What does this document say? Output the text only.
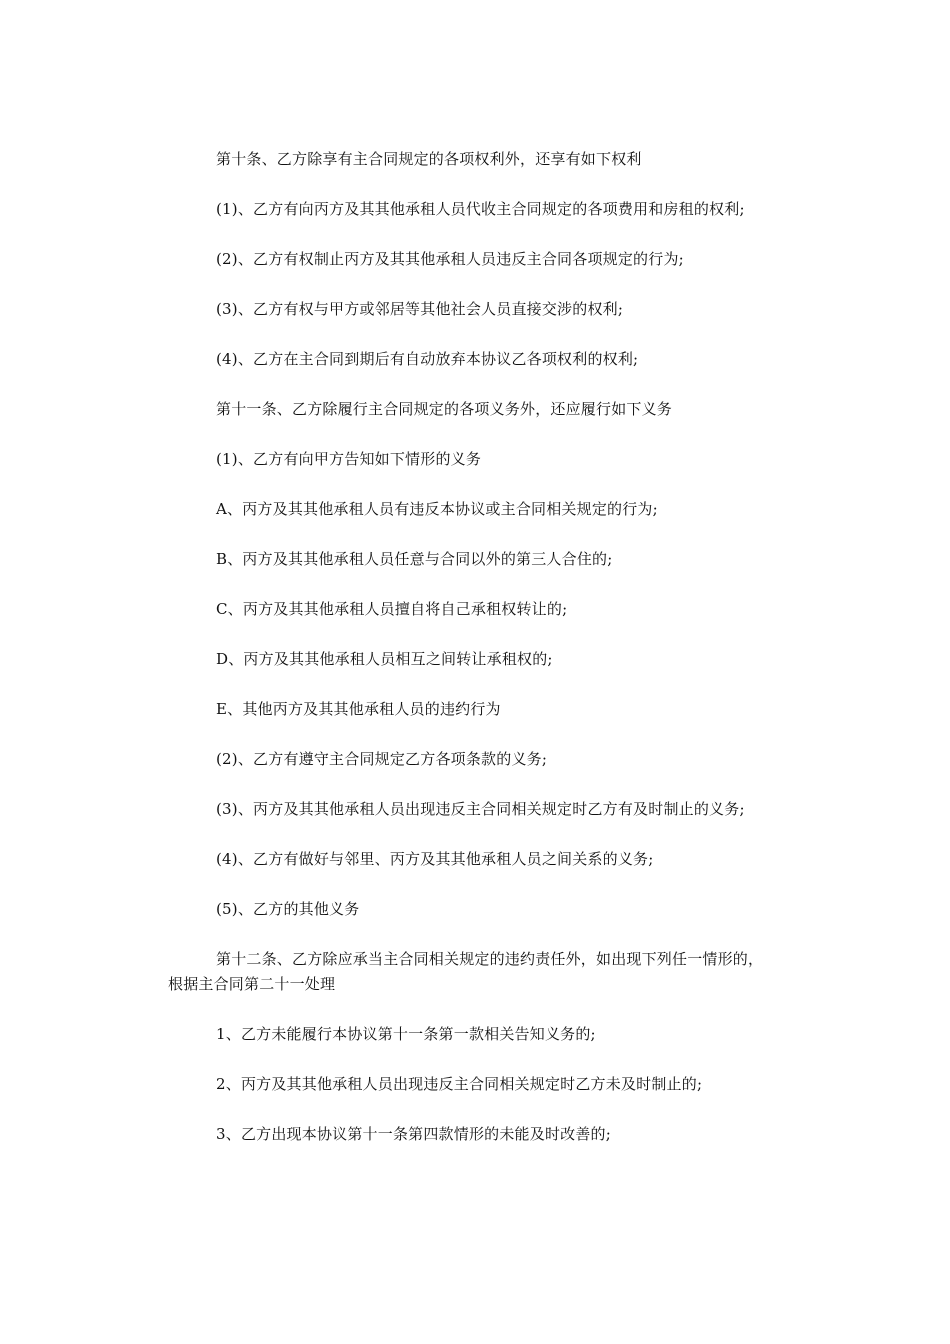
第十条、乙方除享有主合同规定的各项权利外，还享有如下权利

(1)、乙方有向丙方及其其他承租人员代收主合同规定的各项费用和房租的权利;

(2)、乙方有权制止丙方及其其他承租人员违反主合同各项规定的行为;

(3)、乙方有权与甲方或邻居等其他社会人员直接交涉的权利;

(4)、乙方在主合同到期后有自动放弃本协议乙各项权利的权利;

第十一条、乙方除履行主合同规定的各项义务外，还应履行如下义务

(1)、乙方有向甲方告知如下情形的义务

A、丙方及其其他承租人员有违反本协议或主合同相关规定的行为;

B、丙方及其其他承租人员任意与合同以外的第三人合住的;

C、丙方及其其他承租人员擅自将自己承租权转让的;

D、丙方及其其他承租人员相互之间转让承租权的;

E、其他丙方及其其他承租人员的违约行为

(2)、乙方有遵守主合同规定乙方各项条款的义务;

(3)、丙方及其其他承租人员出现违反主合同相关规定时乙方有及时制止的义务;

(4)、乙方有做好与邻里、丙方及其其他承租人员之间关系的义务;

(5)、乙方的其他义务

第十二条、乙方除应承当主合同相关规定的违约责任外，如出现下列任一情形的，根据主合同第二十一处理

1、乙方未能履行本协议第十一条第一款相关告知义务的;

2、丙方及其其他承租人员出现违反主合同相关规定时乙方未及时制止的;

3、乙方出现本协议第十一条第四款情形的未能及时改善的;
